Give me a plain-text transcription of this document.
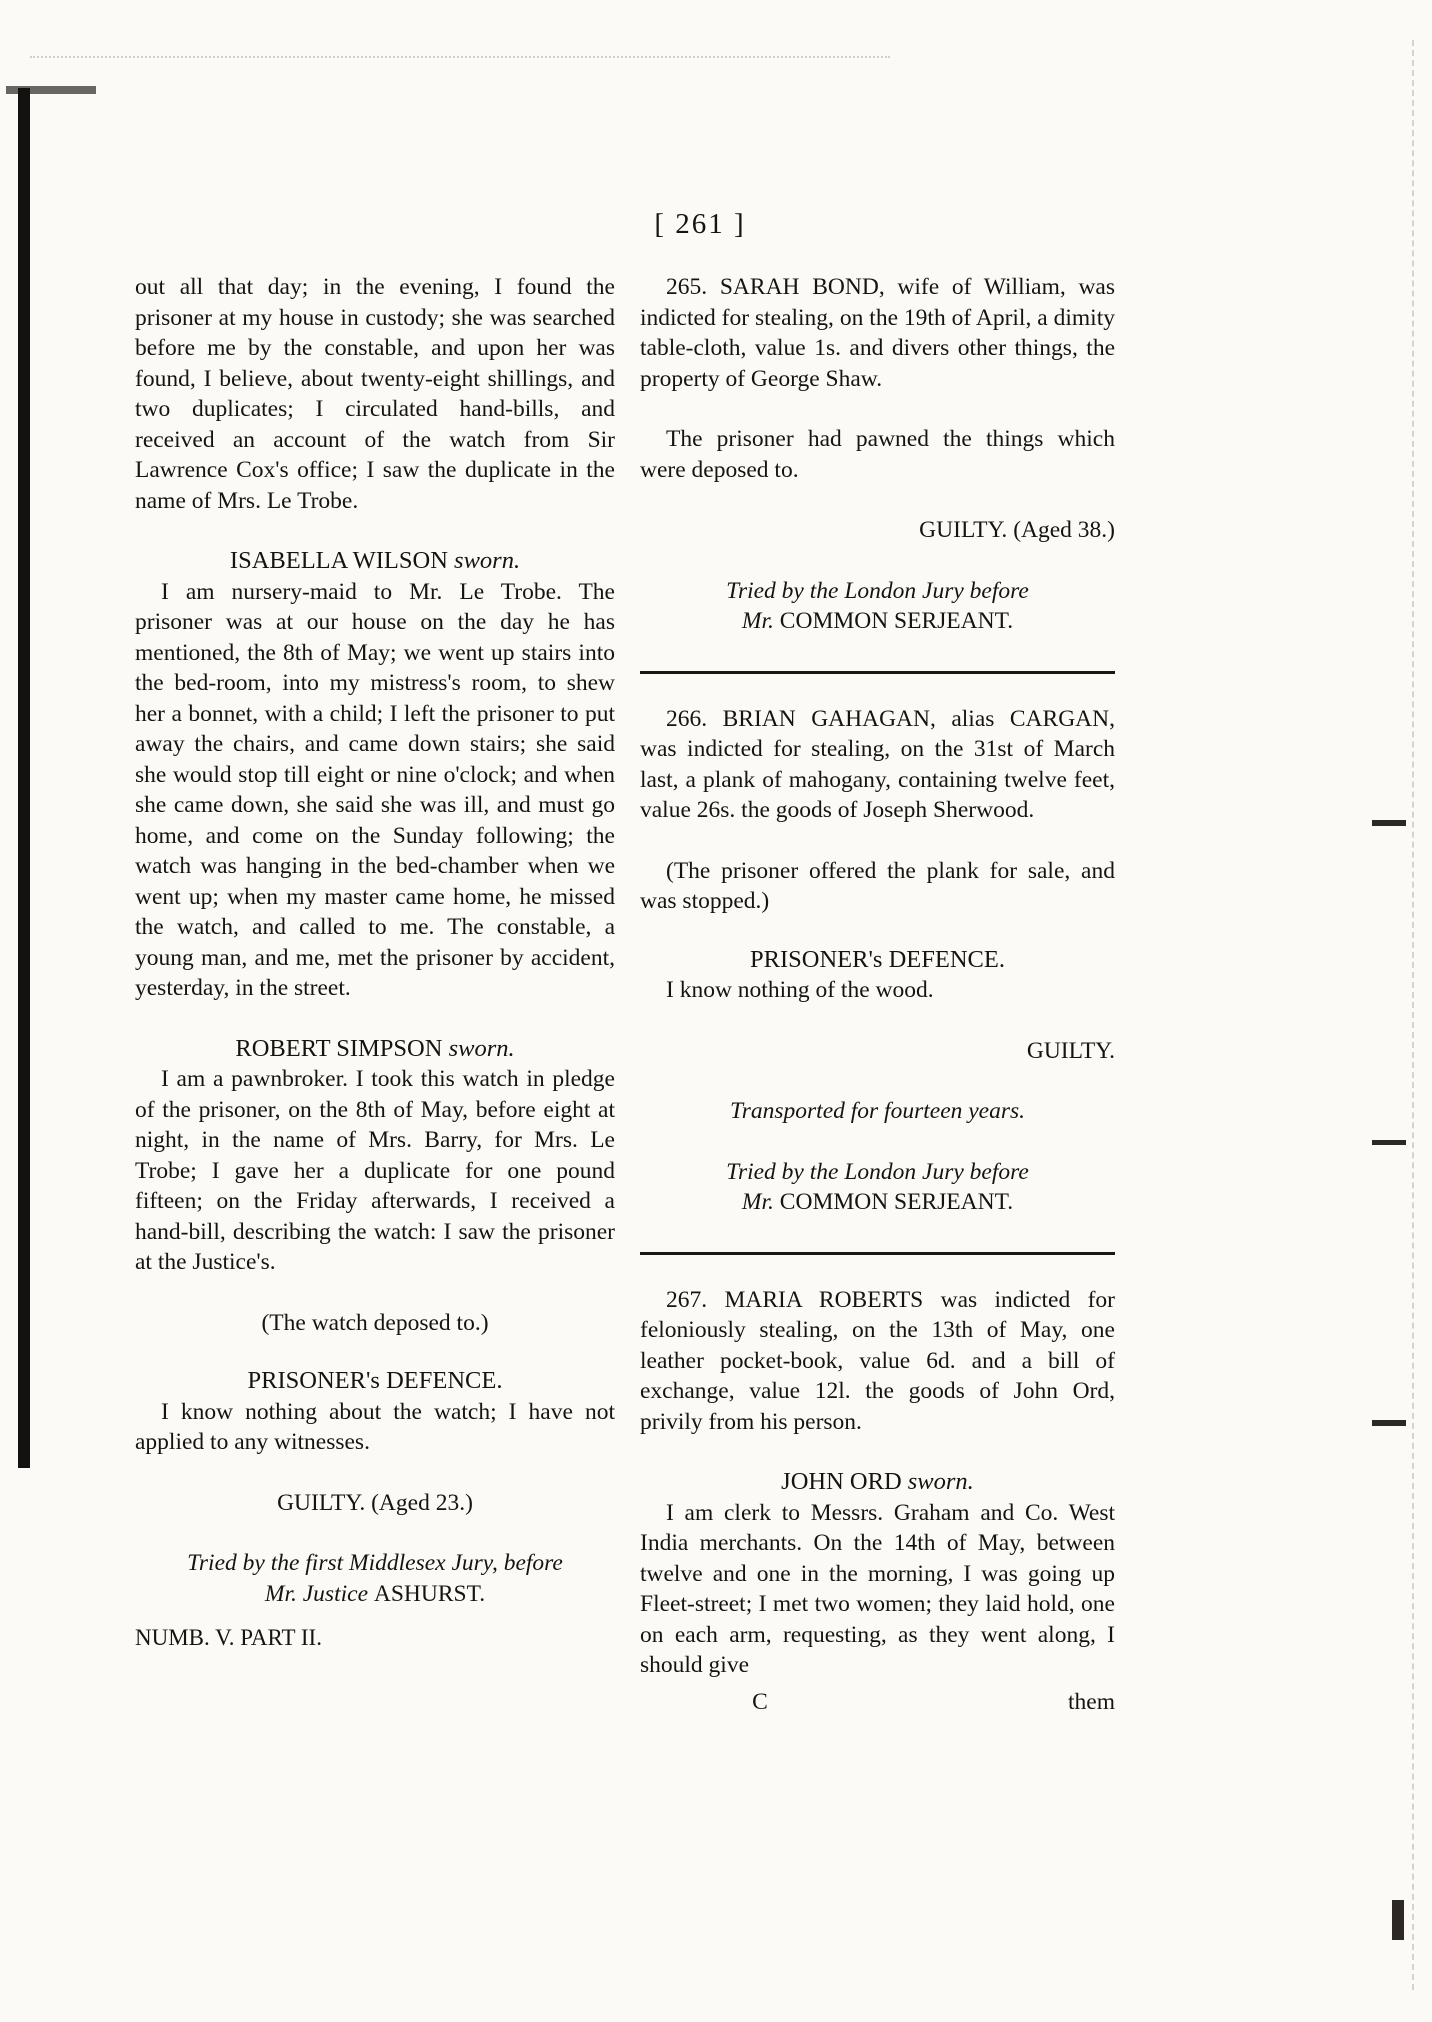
[ 261 ]

out all that day; in the evening, I found the prisoner at my house in custody; she was searched before me by the constable, and upon her was found, I believe, about twenty-eight shillings, and two duplicates; I circulated hand-bills, and received an account of the watch from Sir Lawrence Cox's office; I saw the duplicate in the name of Mrs. Le Trobe.

ISABELLA WILSON sworn.

I am nursery-maid to Mr. Le Trobe. The prisoner was at our house on the day he has mentioned, the 8th of May; we went up stairs into the bed-room, into my mistress's room, to shew her a bonnet, with a child; I left the prisoner to put away the chairs, and came down stairs; she said she would stop till eight or nine o'clock; and when she came down, she said she was ill, and must go home, and come on the Sunday following; the watch was hanging in the bed-chamber when we went up; when my master came home, he missed the watch, and called to me. The constable, a young man, and me, met the prisoner by accident, yesterday, in the street.

ROBERT SIMPSON sworn.

I am a pawnbroker. I took this watch in pledge of the prisoner, on the 8th of May, before eight at night, in the name of Mrs. Barry, for Mrs. Le Trobe; I gave her a duplicate for one pound fifteen; on the Friday afterwards, I received a hand-bill, describing the watch: I saw the prisoner at the Justice's.

(The watch deposed to.)

PRISONER's DEFENCE.

I know nothing about the watch; I have not applied to any witnesses.

GUILTY. (Aged 23.)
Tried by the first Middlesex Jury, before
Mr. Justice ASHURST.
NUMB. V. PART II.

265. SARAH BOND, wife of William, was indicted for stealing, on the 19th of April, a dimity table-cloth, value 1s. and divers other things, the property of George Shaw.

The prisoner had pawned the things which were deposed to.

GUILTY. (Aged 38.)
Tried by the London Jury before
Mr. COMMON SERJEANT.

266. BRIAN GAHAGAN, alias CARGAN, was indicted for stealing, on the 31st of March last, a plank of mahogany, containing twelve feet, value 26s. the goods of Joseph Sherwood.

(The prisoner offered the plank for sale, and was stopped.)

PRISONER's DEFENCE.

I know nothing of the wood.

GUILTY.
Transported for fourteen years.
Tried by the London Jury before
Mr. COMMON SERJEANT.

267. MARIA ROBERTS was indicted for feloniously stealing, on the 13th of May, one leather pocket-book, value 6d. and a bill of exchange, value 12l. the goods of John Ord, privily from his person.

JOHN ORD sworn.

I am clerk to Messrs. Graham and Co. West India merchants. On the 14th of May, between twelve and one in the morning, I was going up Fleet-street; I met two women; they laid hold, one on each arm, requesting, as they went along, I should give

C	them
